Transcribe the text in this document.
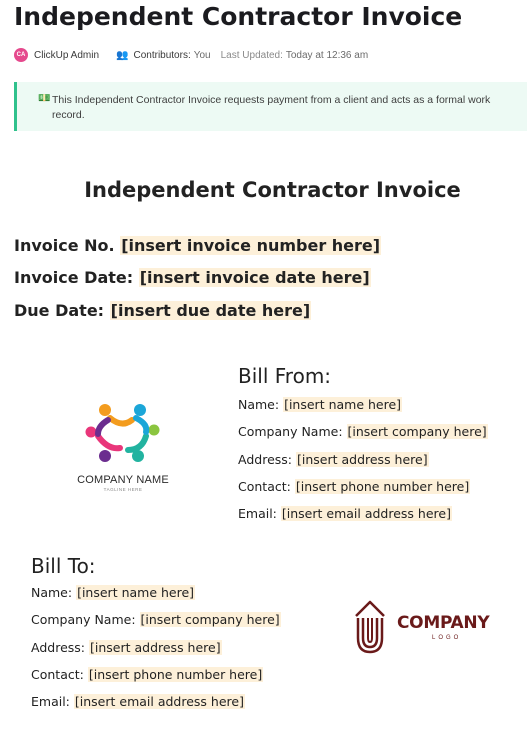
Independent Contractor Invoice
CA ClickUp Admin 👥 Contributors: You Last Updated: Today at 12:36 am
💵 This Independent Contractor Invoice requests payment from a client and acts as a formal work record.
Independent Contractor Invoice
Invoice No. [insert invoice number here]
Invoice Date: [insert invoice date here]
Due Date: [insert due date here]
COMPANY NAME
TAGLINE HERE
Bill From:
Name: [insert name here]
Company Name: [insert company here]
Address: [insert address here]
Contact: [insert phone number here]
Email: [insert email address here]
Bill To:
Name: [insert name here]
Company Name: [insert company here]
Address: [insert address here]
Contact: [insert phone number here]
Email: [insert email address here]
COMPANY
LOGO
